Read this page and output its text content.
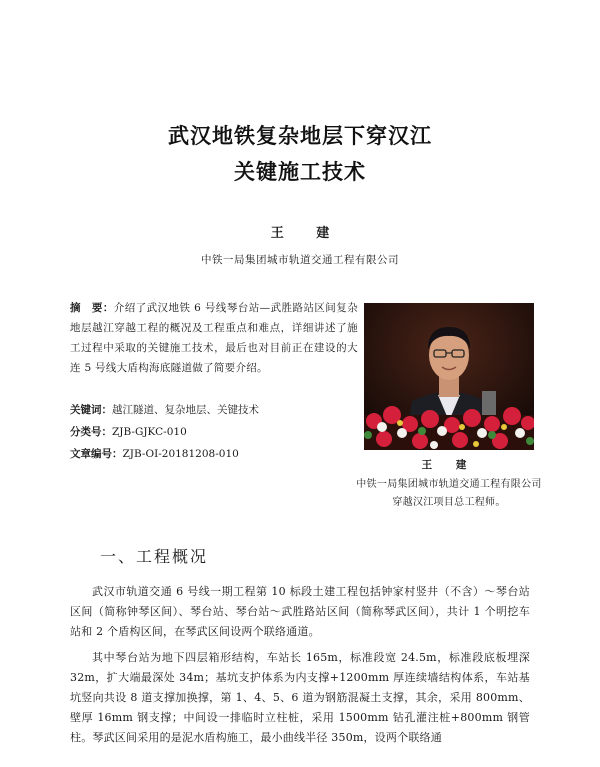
武汉地铁复杂地层下穿汉江
关键施工技术
王 建
中铁一局集团城市轨道交通工程有限公司
摘　要：介绍了武汉地铁 6 号线琴台站—武胜路站区间复杂地层越江穿越工程的概况及工程重点和难点，详细讲述了施工过程中采取的关键施工技术，最后也对目前正在建设的大连 5 号线大盾构海底隧道做了简要介绍。
关键词：越江隧道、复杂地层、关键技术
分类号：ZJB-GJKC-010
文章编号：ZJB-OI-20181208-010
王 建
中铁一局集团城市轨道交通工程有限公司穿越汉江项目总工程师。
一、工程概况
武汉市轨道交通 6 号线一期工程第 10 标段土建工程包括钟家村竖井（不含）～琴台站区间（简称钟琴区间）、琴台站、琴台站～武胜路站区间（简称琴武区间），共计 1 个明挖车站和 2 个盾构区间，在琴武区间设两个联络通道。
其中琴台站为地下四层箱形结构，车站长 165m，标准段宽 24.5m，标准段底板埋深 32m，扩大端最深处 34m；基坑支护体系为内支撑+1200mm 厚连续墙结构体系，车站基坑竖向共设 8 道支撑加换撑，第 1、4、5、6 道为钢筋混凝土支撑，其余，采用 800mm、壁厚 16mm 钢支撑；中间设一排临时立柱桩，采用 1500mm 钻孔灌注桩+800mm 钢管柱。琴武区间采用的是泥水盾构施工，最小曲线半径 350m，设两个联络通
